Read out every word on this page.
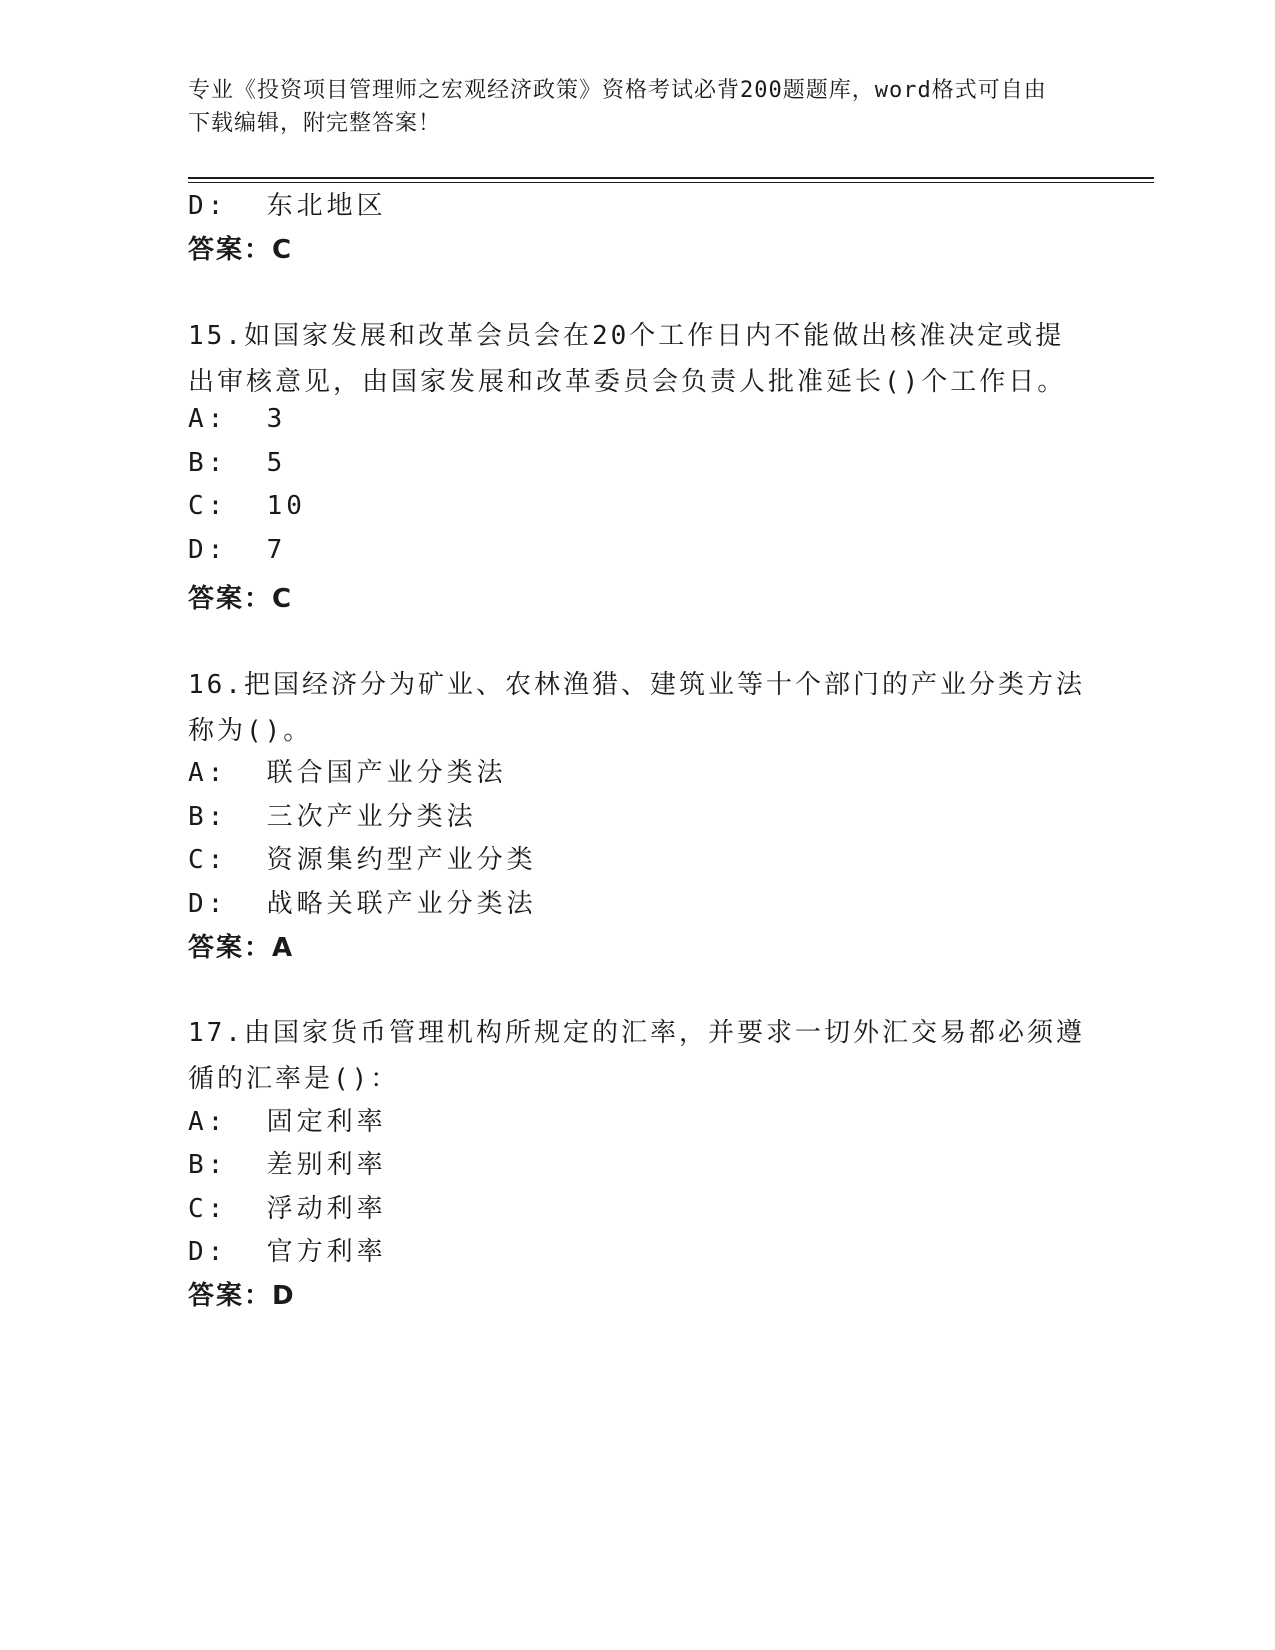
专业《投资项目管理师之宏观经济政策》资格考试必背200题题库，word格式可自由下载编辑，附完整答案！
D:  东北地区
答案：C
15.如国家发展和改革会员会在20个工作日内不能做出核准决定或提出审核意见，由国家发展和改革委员会负责人批准延长()个工作日。
A:  3
B:  5
C:  10
D:  7
答案：C
16.把国经济分为矿业、农林渔猎、建筑业等十个部门的产业分类方法称为()。
A:  联合国产业分类法
B:  三次产业分类法
C:  资源集约型产业分类
D:  战略关联产业分类法
答案：A
17.由国家货币管理机构所规定的汇率，并要求一切外汇交易都必须遵循的汇率是()：
A:  固定利率
B:  差别利率
C:  浮动利率
D:  官方利率
答案：D
